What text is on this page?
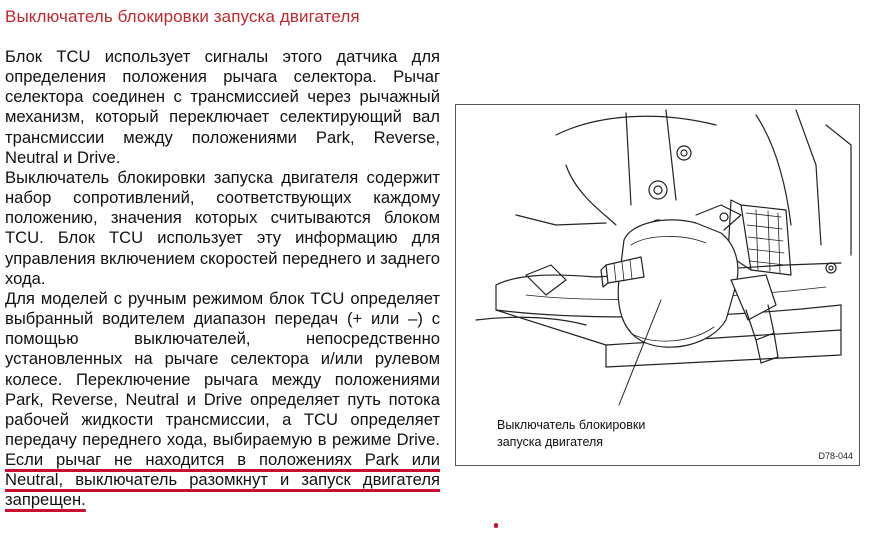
Выключатель блокировки запуска двигателя

Блок TCU использует сигналы этого датчика для определения положения рычага селектора. Рычаг селектора соединен с трансмиссией через рычажный механизм, который переключает селектирующий вал трансмиссии между положениями Park, Reverse, Neutral и Drive.

Выключатель блокировки запуска двигателя содержит набор сопротивлений, соответствующих каждому положению, значения которых считываются блоком TCU. Блок TCU использует эту информацию для управления включением скоростей переднего и заднего хода.

Для моделей с ручным режимом блок TCU определяет выбранный водителем диапазон передач (+ или –) с помощью выключателей, непосредственно установленных на рычаге селектора и/или рулевом колесе. Переключение рычага между положениями Park, Reverse, Neutral и Drive определяет путь потока рабочей жидкости трансмиссии, а TCU определяет передачу переднего хода, выбираемую в режиме Drive. Если рычаг не находится в положениях Park или Neutral, выключатель разомкнут и запуск двигателя запрещен.

Выключатель блокировки
запуска двигателя
D78-044
